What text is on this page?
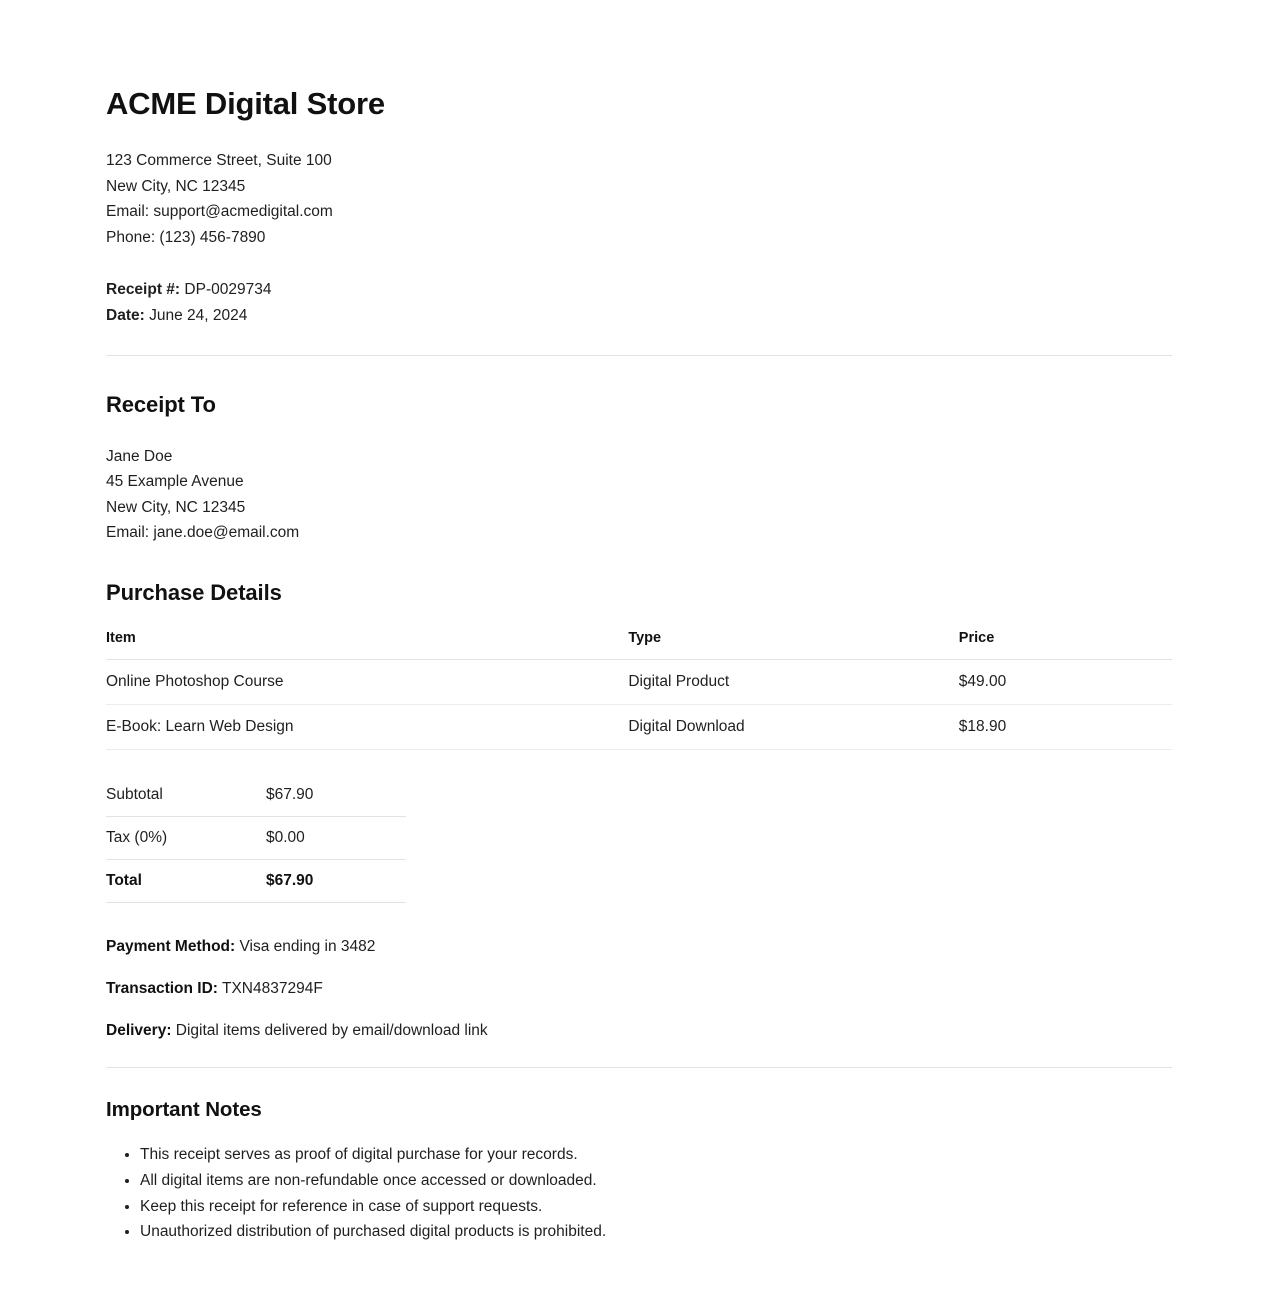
ACME Digital Store
123 Commerce Street, Suite 100
New City, NC 12345
Email: support@acmedigital.com
Phone: (123) 456-7890
Receipt #: DP-0029734
Date: June 24, 2024
Receipt To
Jane Doe
45 Example Avenue
New City, NC 12345
Email: jane.doe@email.com
Purchase Details
Item	Type	Price
Online Photoshop Course	Digital Product	$49.00
E-Book: Learn Web Design	Digital Download	$18.90
Subtotal	$67.90
Tax (0%)	$0.00
Total	$67.90
Payment Method: Visa ending in 3482
Transaction ID: TXN4837294F
Delivery: Digital items delivered by email/download link
Important Notes
• This receipt serves as proof of digital purchase for your records.
• All digital items are non-refundable once accessed or downloaded.
• Keep this receipt for reference in case of support requests.
• Unauthorized distribution of purchased digital products is prohibited.
